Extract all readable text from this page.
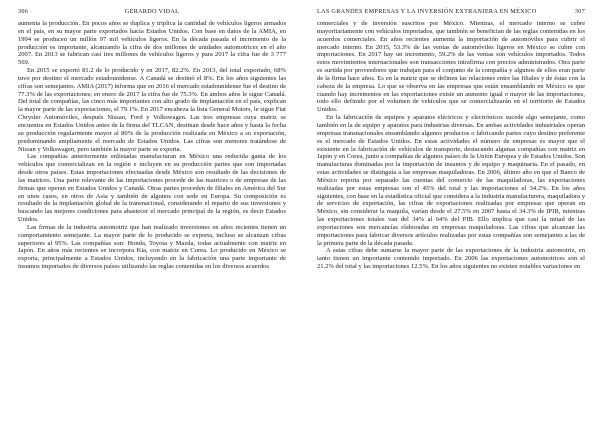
306	GERARDO VIDAL

aumenta la producción. En pocos años se duplica y triplica la cantidad de vehículos ligeros armados en el país, en su mayor parte exportados hacia Estados Unidos. Con base en datos de la AMIA, en 1994 se producen un millón 97 mil vehículos ligeros. En la década pasada el incremento de la producción es importante, alcanzando la cifra de dos millones de unidades automotrices en el año 2007. En 2013 se fabrican casi tres millones de vehículos ligeros y para 2017 la cifra fue de 3 777 569.

En 2015 se exportó 81.2 de lo producido y en 2017, 82.2%. En 2013, del total exportado, 68% tuvo por destino el mercado estadounidense. A Canadá se destinó el 8%. En los años siguientes las cifras son semejantes. AMIA (2017) informa que en 2016 el mercado estadounidense fue el destino de 77.3% de las exportaciones; en enero de 2017 la cifra fue de 75.3%. En ambos años le sigue Canadá. Del total de compañías, las cinco más importantes con alto grado de implantación en el país, explican la mayor parte de las exportaciones, el 79.1%. En 2017 encabeza la lista General Motors, le sigue Fiat Chrysler Automóviles, después Nissan, Ford y Volkswagen. Las tres empresas cuya matriz se encuentra en Estados Unidos antes de la firma del TLCAN, destinan desde hace años y hasta la fecha su producción regularmente mayor al 80% de la producción realizada en México a su exportación, predominando ampliamente el mercado de Estados Unidos. Las cifras son menores tratándose de Nissan y Volkswagen, pero también la mayor parte se exporta.

Las compañías anteriormente enlistadas manufacturan en México una reducida gama de los vehículos que comercializan en la región e incluyen en su producción partes que son importadas desde otros países. Estas importaciones efectuadas desde México son resultado de las decisiones de las matrices. Una parte relevante de las importaciones procede de las matrices o de empresas de las firmas que operan en Estados Unidos y Canadá. Otras partes proceden de filiales en América del Sur en unos casos, en otros de Asia y también de algunos con sede en Europa. Su composición es resultado de la implantación global de la transnacional, considerando el reparto de sus inversiones y buscando las mejores condiciones para abastecer el mercado principal de la región, es decir Estados Unidos.

Las firmas de la industria automotriz que han realizado inversiones en años recientes tienen un comportamiento semejante. La mayor parte de lo producido se exporta, incluso se alcanzan cifras superiores al 95%. Las compañías son: Honda, Toyota y Mazda, todas actualmente con matriz en Japón. En años más recientes se incorpora Kia, con matriz en Corea. Lo producido en México se exporta, principalmente a Estados Unidos, incluyendo en la fabricación una parte importante de insumos importados de diversos países utilizando las reglas contenidas en los diversos acuerdos

LAS GRANDES EMPRESAS Y LA INVERSIÓN EXTRANJERA EN MÉXICO	307

comerciales y de inversión suscritos por México. Mientras, el mercado interno se cubre mayoritariamente con vehículos importados, que también se benefician de las reglas contenidas en los acuerdos comerciales. En años recientes aumenta la importación de automóviles para cubrir el mercado interno. En 2015, 53.3% de las ventas de automóviles ligeros en México se cubre con importaciones. En 2017 hay un incremento, 59.2% de las ventas son vehículos importados. Todos estos movimientos internacionales son transacciones intrafirma con precios administrados. Otra parte es surtida por proveedores que trabajan para el conjunto de la compañía y algunos de ellos eran parte de la firma hace años. Es en la matriz que se definen las relaciones entre las filiales y de éstas con la cabeza de la empresa. Lo que se observa en las empresas que están ensamblando en México es que cuando hay incrementos en las exportaciones existe un aumento igual o mayor de las importaciones, todo ello definido por el volumen de vehículos que se comercializarán en el territorio de Estados Unidos.

En la fabricación de equipos y aparatos eléctricos y electrónicos sucede algo semejante, como también en la de equipo y aparatos para industrias diversas. En ambas actividades industriales operan empresas transnacionales ensamblando algunos productos o fabricando partes cuyo destino preferente es el mercado de Estados Unidos. En estas actividades el número de empresas es mayor que el existente en la fabricación de vehículos de transporte, destacando algunas compañías con matriz en Japón y en Corea, junto a compañías de algunos países de la Unión Europea y de Estados Unidos. Son manufacturas dominadas por la importación de insumos y de equipo y maquinaria. En el pasado, en estas actividades se distinguía a las empresas maquiladoras. En 2006, último año en que el Banco de México reporta por separado las cuentas del comercio de las maquiladoras, las exportaciones realizadas por estas empresas son el 45% del total y las importaciones el 34.2%. En los años siguientes, con base en la estadística oficial que considera a la industria manufacturera, maquiladora y de servicios de exportación, las cifras de exportaciones realizadas por empresas que operan en México, sin considerar la maquila, varían desde el 27.5% en 2007 hasta el 34.3% de IPIB, mientras las exportaciones totales van del 34% al 64% del PIB. Ello implica que casi la mitad de las exportaciones son mercancías elaboradas en empresas maquiladoras. Las cifras que alcanzan las importaciones para fabricar diversos artículos realizadas por estas compañías son semejantes a las de la primera parte de la década pasada.

A estas cifras debe sumarse la mayor parte de las exportaciones de la industria automotriz, en tanto tienen un importante contenido importado. En 2006 las exportaciones automotrices son el 21.2% del total y las importaciones 12.5%. En los años siguientes no existen notables variaciones en
